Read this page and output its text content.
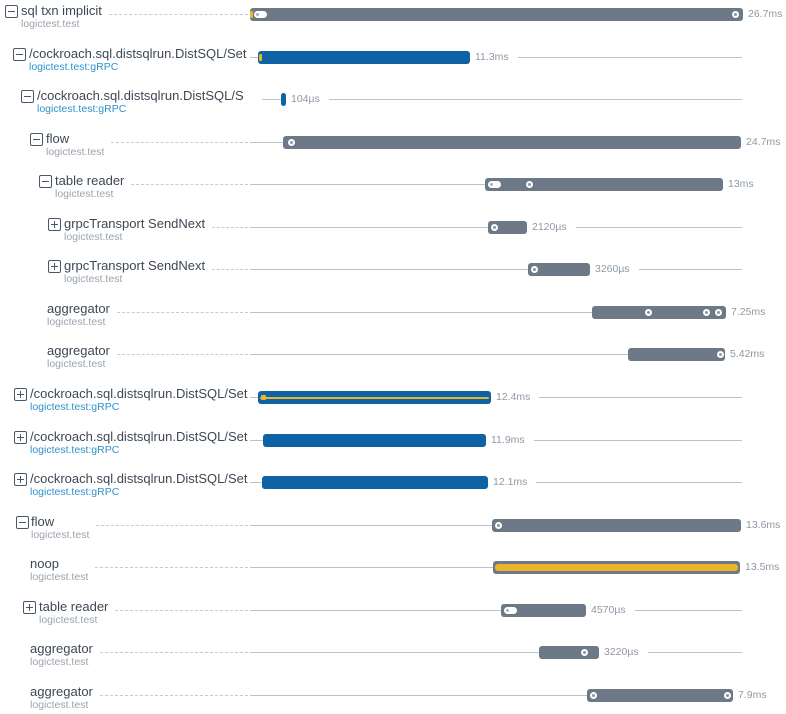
sql txn implicit
logictest.test
26.7ms
/cockroach.sql.distsqlrun.DistSQL/Set
logictest.test:gRPC
11.3ms
/cockroach.sql.distsqlrun.DistSQL/S
logictest.test:gRPC
104µs
flow
logictest.test
24.7ms
table reader
logictest.test
13ms
grpcTransport SendNext
logictest.test
2120µs
grpcTransport SendNext
logictest.test
3260µs
aggregator
logictest.test
7.25ms
aggregator
logictest.test
5.42ms
/cockroach.sql.distsqlrun.DistSQL/Set
logictest.test:gRPC
12.4ms
/cockroach.sql.distsqlrun.DistSQL/Set
logictest.test:gRPC
11.9ms
/cockroach.sql.distsqlrun.DistSQL/Set
logictest.test:gRPC
12.1ms
flow
logictest.test
13.6ms
noop
logictest.test
13.5ms
table reader
logictest.test
4570µs
aggregator
logictest.test
3220µs
aggregator
logictest.test
7.9ms
